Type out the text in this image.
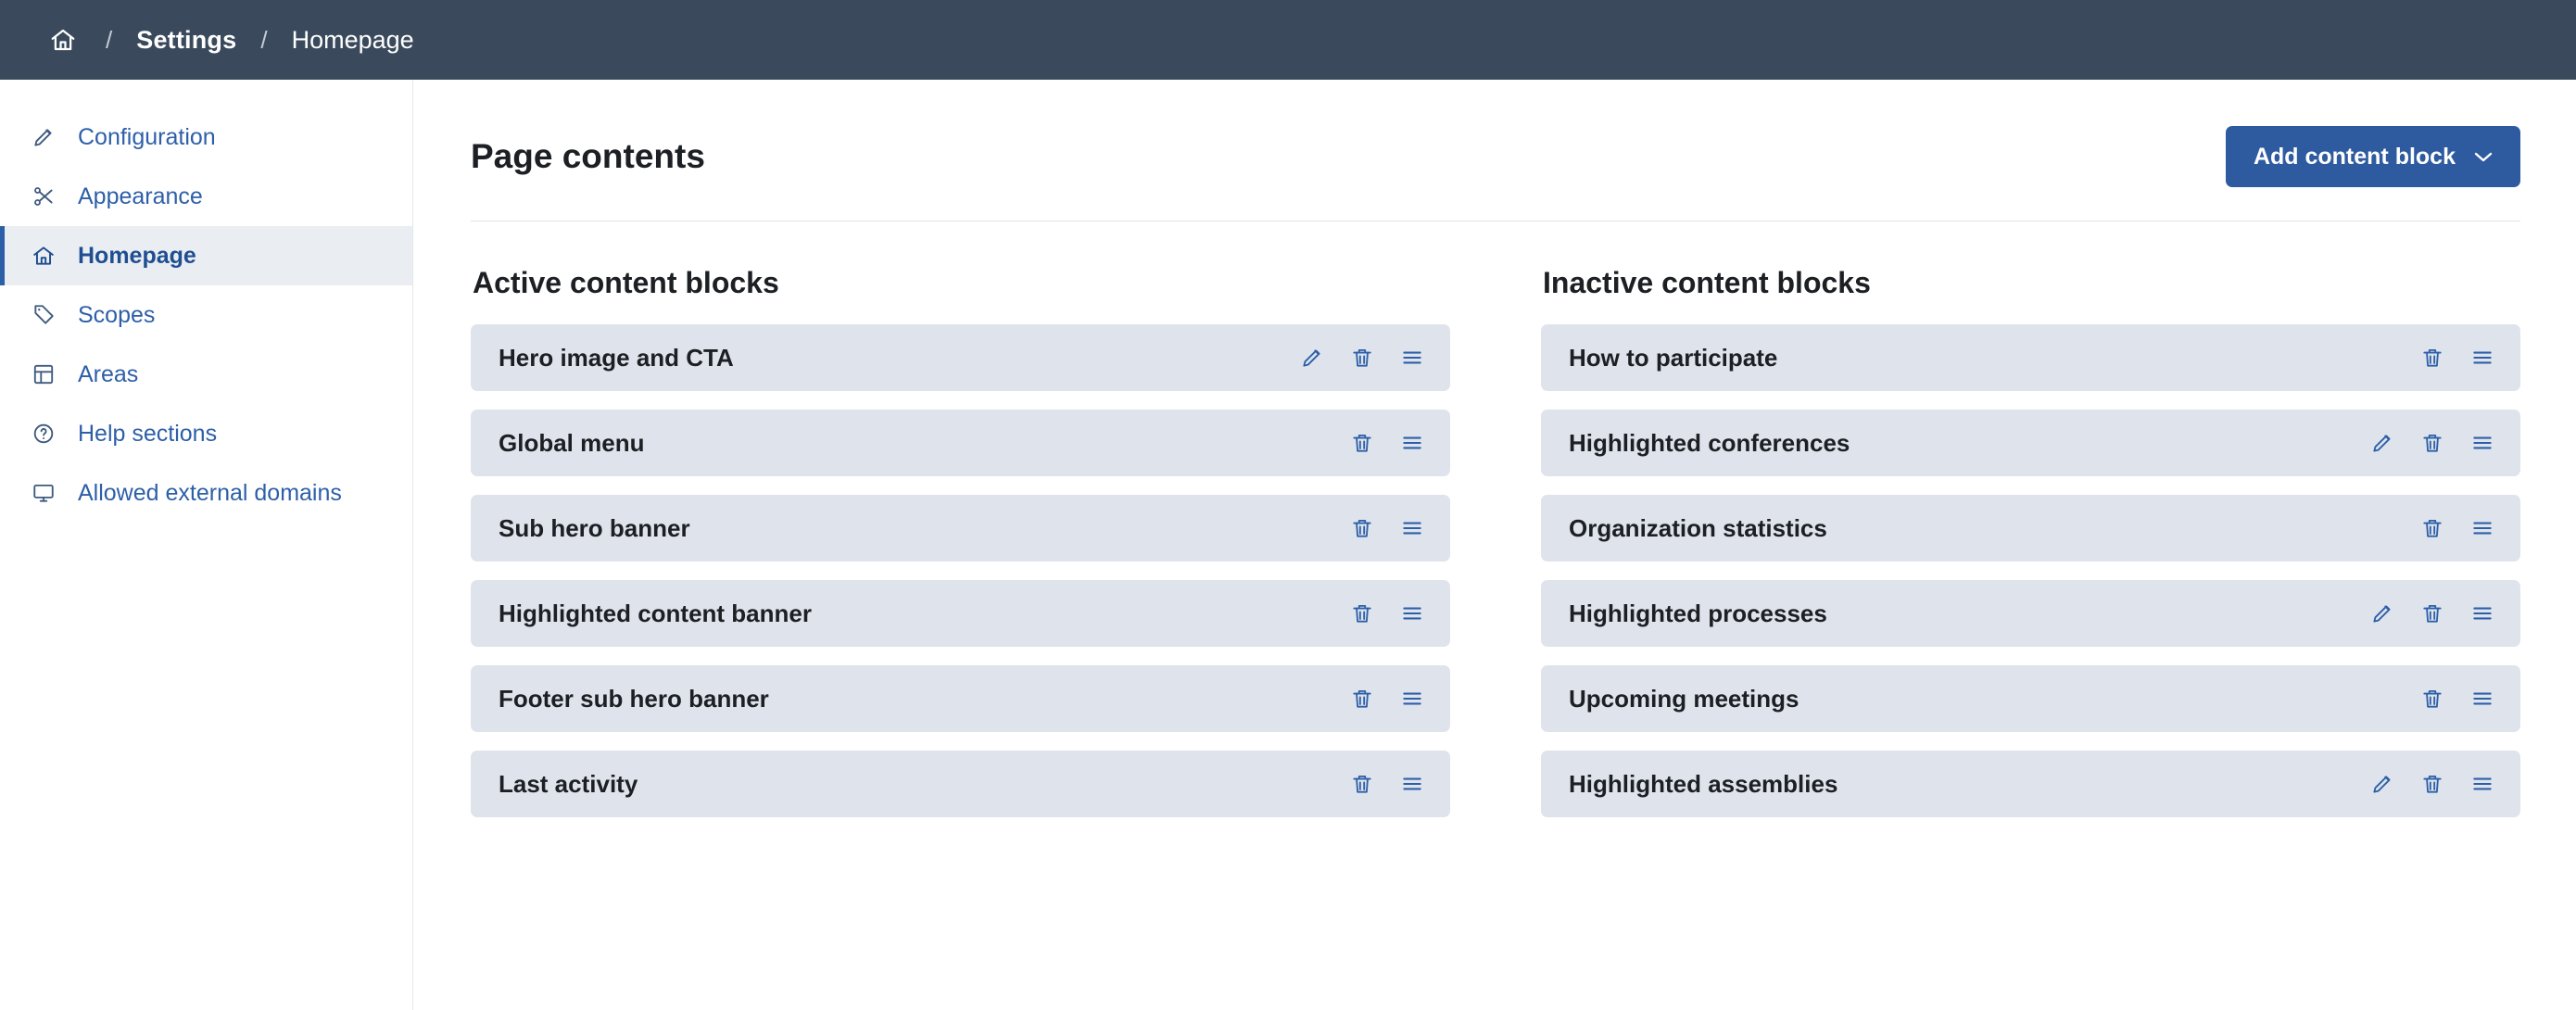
/ Settings / Homepage
Configuration
Appearance
Homepage
Scopes
Areas
Help sections
Allowed external domains
Page contents	Add content block
Active content blocks
Hero image and CTA
Global menu
Sub hero banner
Highlighted content banner
Footer sub hero banner
Last activity
Inactive content blocks
How to participate
Highlighted conferences
Organization statistics
Highlighted processes
Upcoming meetings
Highlighted assemblies
